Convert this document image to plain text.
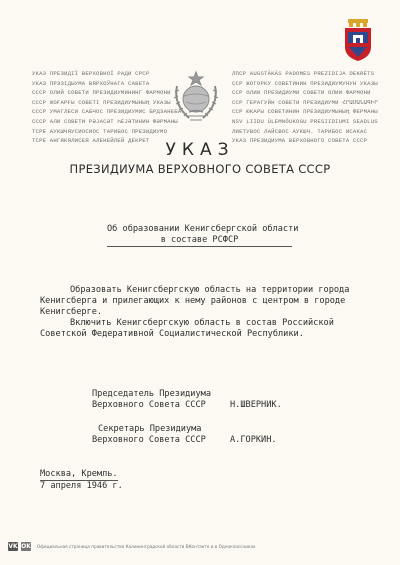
УКАЗ ПРЕЗИДІЇ ВЕРХОВНОЇ РАДИ СРСР
УКАЗ ПРЭЗІДЫУМА ВЯРХОЎНАГА САВЕТА
СССР ОЛИЙ СОВЕТИ ПРЕЗИДИУМИНИНГ ФАРМОНИ
СССР ЖОҒАРҒЫ СОВЕТІ ПРЕЗИДИУМЫНЫҢ УКАЗЫ
СССР УМАГЛЕСИ САБЧОС ПРЕЗИДИУМИС БРДЗАНЕБА
СССР АЛИ СОВЕТИ РӘЈАСӘТ ҺЕЈӘТИНИН ФӘРМАНЫ
ТСРЕ АУКШЧЯУСИОСИОС ТАРИБОС ПРЕЗИДИУМО
ТСРЕ АНГЯКЯЛИСЕЯ АЛЕНЕЙЛЕЙ ДЕКРЕТ
ЛПСР АUGSTĀKĀS PADOMES PREZIDIJA DEKRĒTS
ССР ЖОГОРКУ СОВЕТИНИН ПРЕЗИДИУМУНУН УКАЗЫ
ССР ОЛИИ ПРЕЗИДИУМИ СОВЕТИ ОЛИИ ФАРМОНИ
ССР ГЕРАГУЙН СОВЕТИ ПРЕЗИДИУМИ ՀՐԱՄԱՆԱԳԻՐ
ССР ЮКАРЫ СОВЕТИНИН ПРЕЗИДИУМЫНЫҢ ФЕРМАНЫ
NSV LIIDU ÜLEMNÕUKOGU PRESIIDIUMI SEADLUS
ЛИЕТУВОС ЛАЙСВОС АУКШЧ. ТАРИБОС ИСАКАС
УКАЗ ПРЕЗИДИУМА ВЕРХОВНОГО СОВЕТА СССР
УКАЗ
ПРЕЗИДИУМА ВЕРХОВНОГО СОВЕТА СССР
Об образовании Кенигсбергской области
в составе РСФСР
Образовать Кенигсбергскую область на территории города
Кенигсберга и прилегающих к нему районов с центром в городе
Кенигсберге.
Включить Кенигсбергскую область в состав Российской
Советской Федеративной Социалистической Республики.
Председатель Президиума
Верховного Совета СССР	Н.ШВЕРНИК.
Секретарь Президиума
Верховного Совета СССР	А.ГОРКИН.
Москва, Кремль.
7 апреля 1946 г.
VK OK Официальная страница правительства Калининградской области ВКонтакте и в Одноклассниках
